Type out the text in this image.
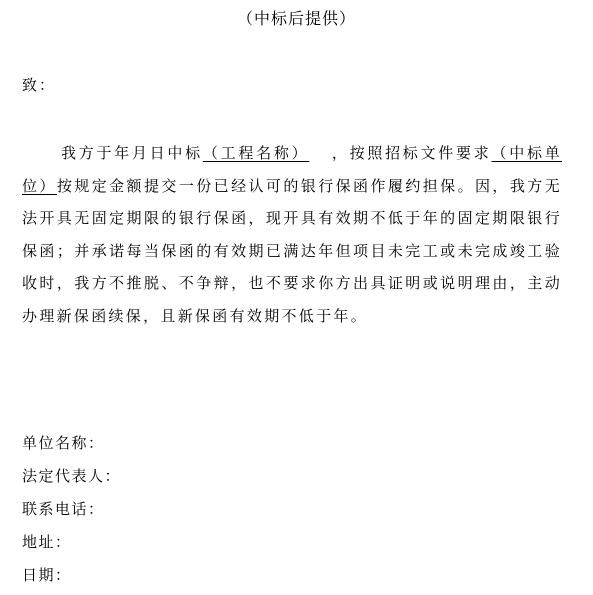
（中标后提供）
致：

我方于年月日中标（工程名称）   ，按照招标文件要求（中标单位）按规定金额提交一份已经认可的银行保函作履约担保。因，我方无法开具无固定期限的银行保函，现开具有效期不低于年的固定期限银行保函；并承诺每当保函的有效期已满达年但项目未完工或未完成竣工验收时，我方不推脱、不争辩，也不要求你方出具证明或说明理由，主动办理新保函续保，且新保函有效期不低于年。

单位名称：
法定代表人：
联系电话：
地址：
日期：
